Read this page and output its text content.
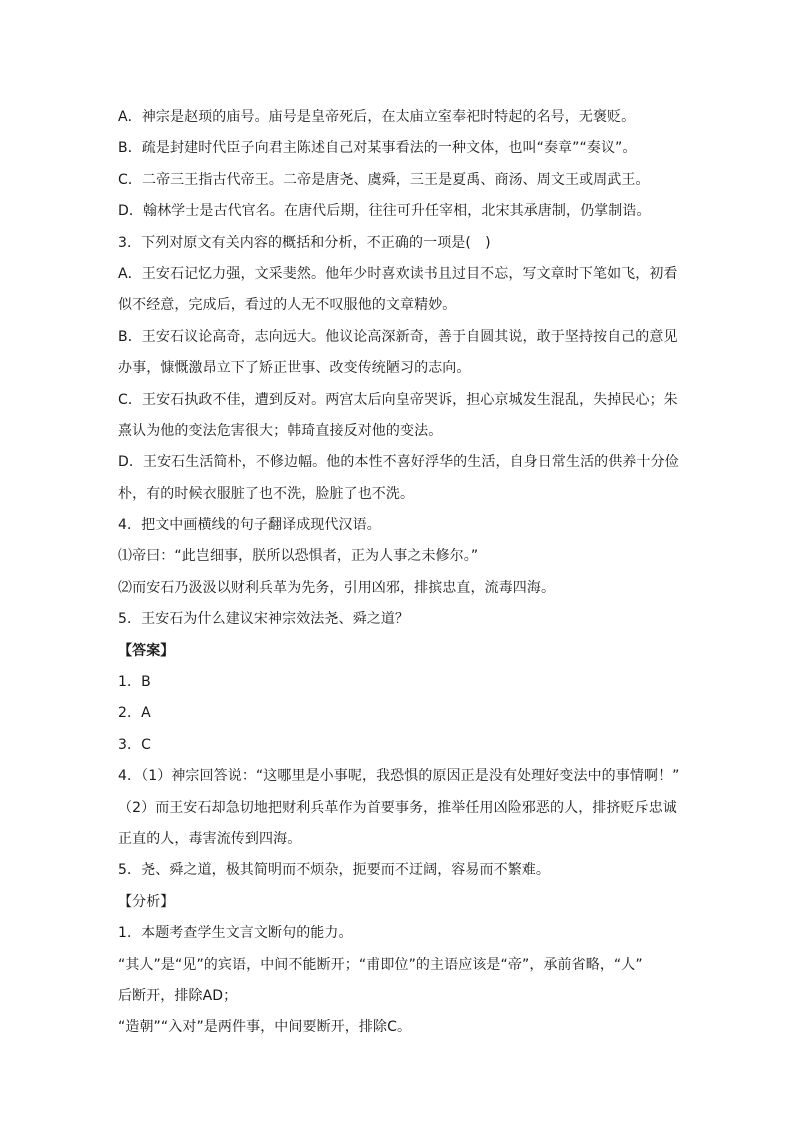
A．神宗是赵顼的庙号。庙号是皇帝死后，在太庙立室奉祀时特起的名号，无褒贬。
B．疏是封建时代臣子向君主陈述自己对某事看法的一种文体，也叫“奏章”“奏议”。
C．二帝三王指古代帝王。二帝是唐尧、虞舜，三王是夏禹、商汤、周文王或周武王。
D．翰林学士是古代官名。在唐代后期，往往可升任宰相，北宋其承唐制，仍掌制诰。
3．下列对原文有关内容的概括和分析，不正确的一项是(　)
A．王安石记忆力强，文采斐然。他年少时喜欢读书且过目不忘，写文章时下笔如飞，初看
似不经意，完成后，看过的人无不叹服他的文章精妙。
B．王安石议论高奇，志向远大。他议论高深新奇，善于自圆其说，敢于坚持按自己的意见
办事，慷慨激昂立下了矫正世事、改变传统陋习的志向。
C．王安石执政不佳，遭到反对。两宫太后向皇帝哭诉，担心京城发生混乱，失掉民心；朱
熹认为他的变法危害很大；韩琦直接反对他的变法。
D．王安石生活简朴，不修边幅。他的本性不喜好浮华的生活，自身日常生活的供养十分俭
朴，有的时候衣服脏了也不洗，脸脏了也不洗。
4．把文中画横线的句子翻译成现代汉语。
⑴帝曰：“此岂细事，朕所以恐惧者，正为人事之未修尔。”
⑵而安石乃汲汲以财利兵革为先务，引用凶邪，排摈忠直，流毒四海。
5．王安石为什么建议宋神宗效法尧、舜之道？
【答案】
1．B
2．A
3．C
4．（1）神宗回答说：“这哪里是小事呢，我恐惧的原因正是没有处理好变法中的事情啊！”
（2）而王安石却急切地把财利兵革作为首要事务，推举任用凶险邪恶的人，排挤贬斥忠诚
正直的人，毒害流传到四海。
5．尧、舜之道，极其简明而不烦杂，扼要而不迂阔，容易而不繁难。
【分析】
1．本题考查学生文言文断句的能力。
“其人”是“见”的宾语，中间不能断开；“甫即位”的主语应该是“帝”，承前省略，“人”
后断开，排除AD；
“造朝”“入对”是两件事，中间要断开，排除C。
